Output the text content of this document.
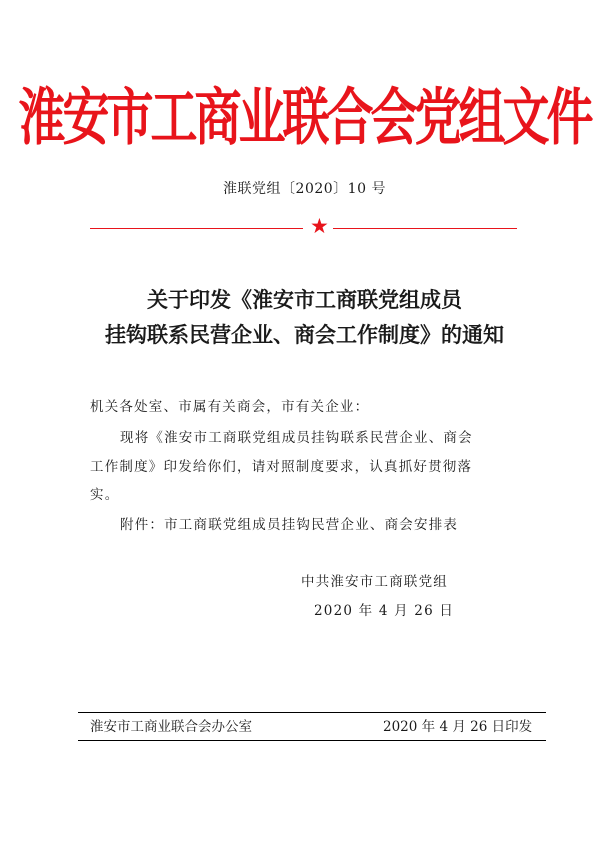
淮安市工商业联合会党组文件
淮联党组〔2020〕10 号
★
关于印发《淮安市工商联党组成员
挂钩联系民营企业、商会工作制度》的通知
机关各处室、市属有关商会，市有关企业：
现将《淮安市工商联党组成员挂钩联系民营企业、商会
工作制度》印发给你们，请对照制度要求，认真抓好贯彻落
实。
附件：市工商联党组成员挂钩民营企业、商会安排表
中共淮安市工商联党组
2020 年 4 月 26 日
淮安市工商业联合会办公室	2020 年 4 月 26 日印发
